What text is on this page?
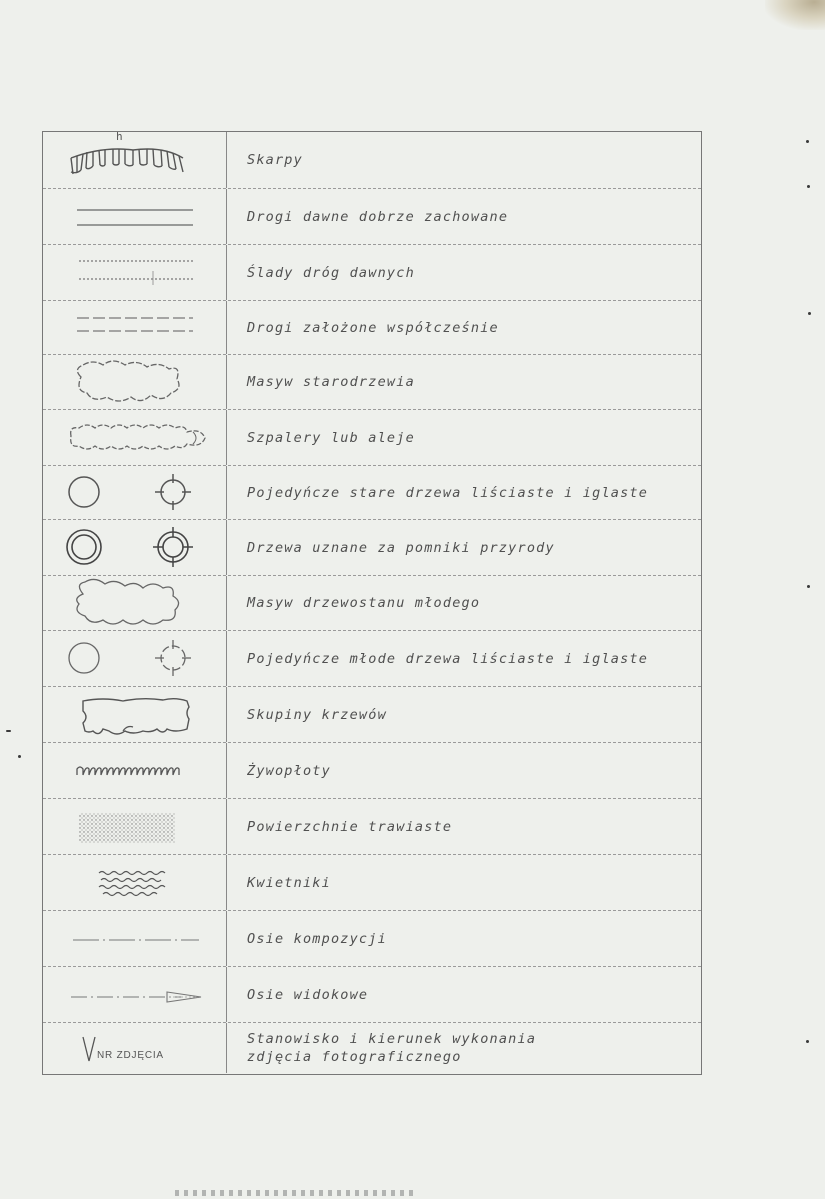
h
Skarpy
Drogi dawne dobrze zachowane
Ślady dróg dawnych
Drogi założone współcześnie
Masyw starodrzewia
Szpalery lub aleje
Pojedyńcze stare drzewa liściaste i iglaste
Drzewa uznane za pomniki przyrody
Masyw drzewostanu młodego
Pojedyńcze młode drzewa liściaste i iglaste
Skupiny krzewów
Żywopłoty
Powierzchnie trawiaste
Kwietniki
Osie kompozycji
Osie widokowe
NR ZDJĘCIA
Stanowisko i kierunek wykonania
zdjęcia fotograficznego
